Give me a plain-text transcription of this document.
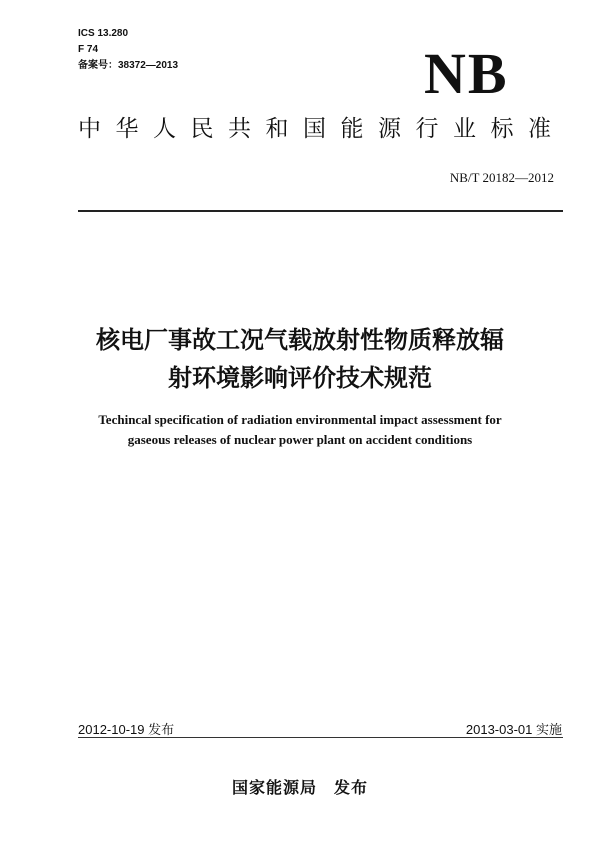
ICS 13.280
F 74
备案号：38372—2013	NB
中华人民共和国能源行业标准
NB/T 20182—2012
核电厂事故工况气载放射性物质释放辐
射环境影响评价技术规范
Techincal specification of radiation environmental impact assessment for
gaseous releases of nuclear power plant on accident conditions
2012-10-19 发布	2013-03-01 实施
国家能源局　发布
